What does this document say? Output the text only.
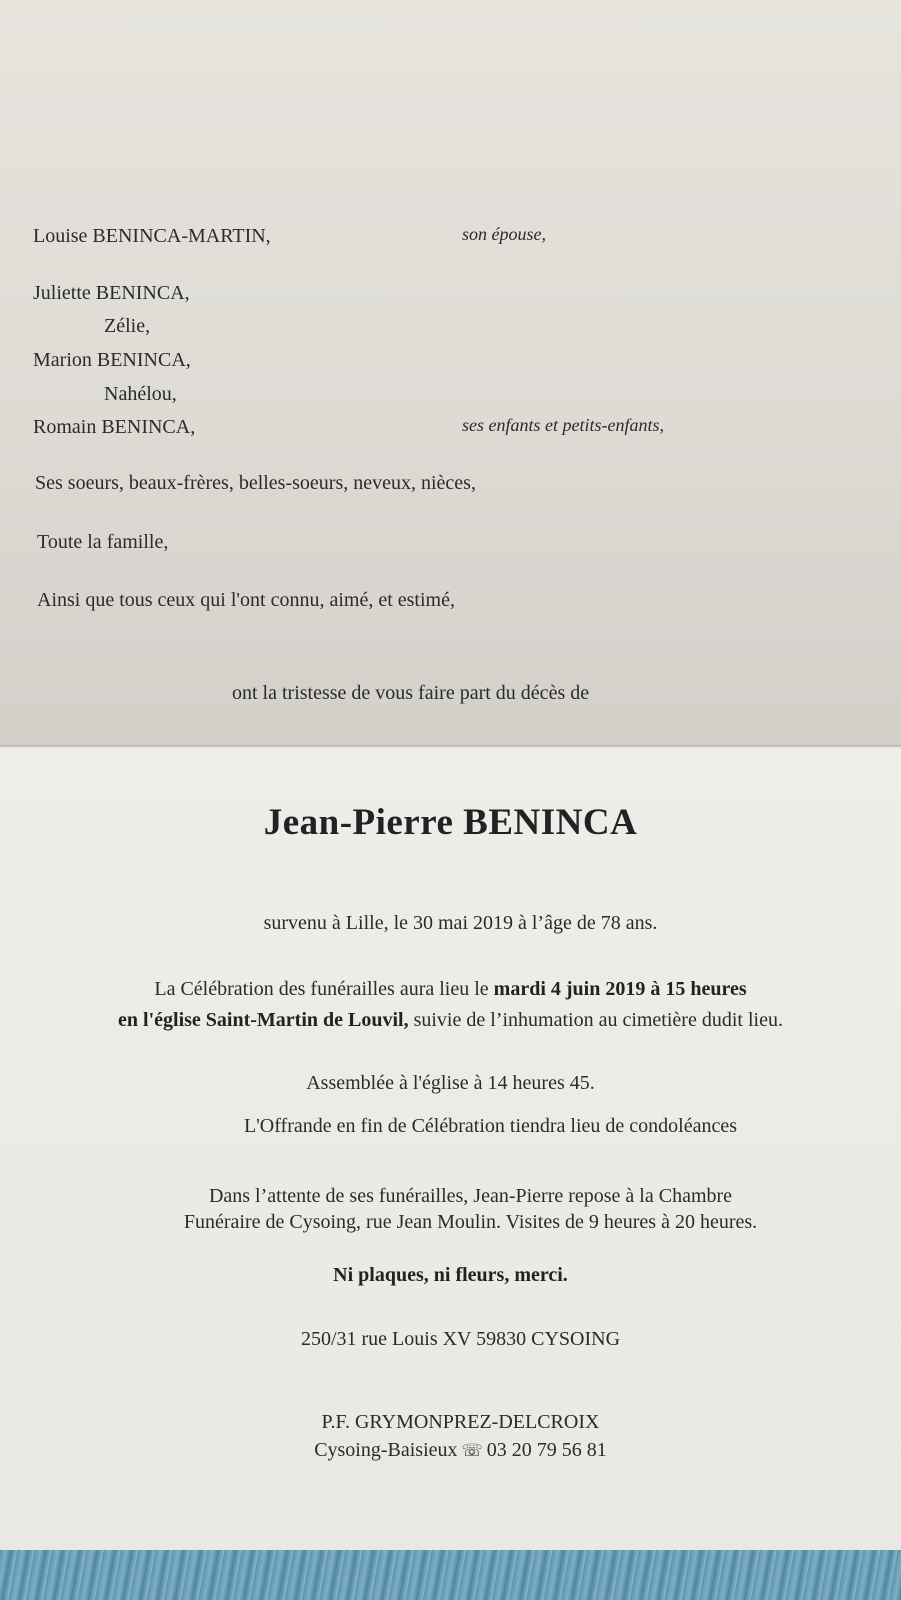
Louise BENINCA-MARTIN,	son épouse,
Juliette BENINCA,
Zélie,
Marion BENINCA,
Nahélou,
Romain BENINCA,	ses enfants et petits-enfants,
Ses soeurs, beaux-frères, belles-soeurs, neveux, nièces,
Toute la famille,
Ainsi que tous ceux qui l'ont connu, aimé, et estimé,
ont la tristesse de vous faire part du décès de
Jean-Pierre BENINCA
survenu à Lille, le 30 mai 2019 à l’âge de 78 ans.
La Célébration des funérailles aura lieu le mardi 4 juin 2019 à 15 heures
en l'église Saint-Martin de Louvil, suivie de l’inhumation au cimetière dudit lieu.
Assemblée à l'église à 14 heures 45.
L'Offrande en fin de Célébration tiendra lieu de condoléances
Dans l’attente de ses funérailles, Jean-Pierre repose à la Chambre
Funéraire de Cysoing, rue Jean Moulin. Visites de 9 heures à 20 heures.
Ni plaques, ni fleurs, merci.
250/31 rue Louis XV 59830 CYSOING
P.F. GRYMONPREZ-DELCROIX
Cysoing-Baisieux ☏ 03 20 79 56 81
